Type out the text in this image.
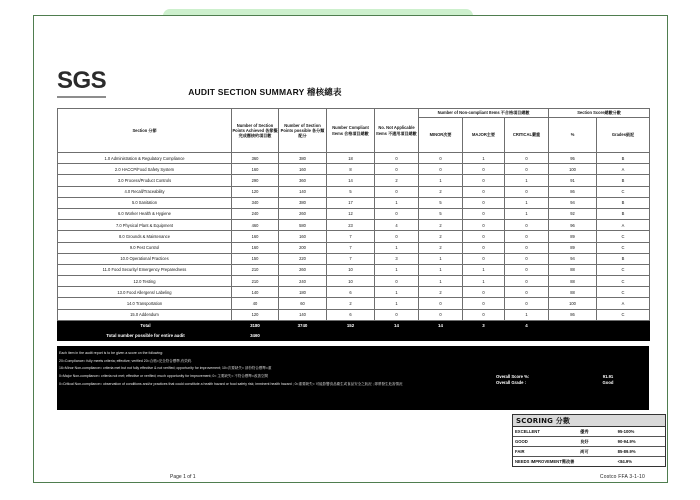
SGS	AUDIT SECTION SUMMARY 稽核總表
Section 分節	Number of Section Points Achieved 各節擬完成應核約項目數	Number of Section Points possible 各分類配分	Number Compliant Items 合格項目總數	No. Not Applicable Items 不適用項目總數	Number of Non-compliant Items 不合格項目總數			Section Score總數分數	
					MINOR次要	MAJOR主要	CRITICAL嚴重	%	Grades級記
1.0 Administration & Regulatory Compliance	360	380	18	0	0	1	0	95	B
2.0 HACCP/Food Safety System	160	160	8	0	0	0	0	100	A
3.0 Process/Product Controls	290	360	14	2	1	0	1	91	B
4.0 Recall/Traceability	120	140	5	0	2	0	0	86	C
5.0 Sanitation	340	380	17	1	5	0	1	94	B
6.0 Worker Health & Hygiene	240	260	12	0	5	0	1	92	B
7.0 Physical Plant & Equipment	460	580	23	4	2	0	0	96	A
8.0 Grounds & Maintenance	160	160	7	0	2	0	0	89	C
9.0 Pest Control	160	200	7	1	2	0	0	89	C
10.0 Operational Practices	150	220	7	3	1	0	0	94	B
11.0 Food Security/ Emergency Preparedness	210	260	10	1	1	1	0	88	C
12.0 Testing	210	240	10	0	1	1	0	88	C
13.0 Food Allergens/ Labeling	140	180	6	1	2	0	0	88	C
14.0 Transportation	40	60	2	1	0	0	0	100	A
15.0 Addendum	120	140	6	0	0	0	1	86	C
Total	3180	3740	152	14	14	3	4		
Total number possible for entire audit	3460								
Each item in the audit report is to be given a score on the following:
20=Compliance= fully meets criteria; effective; verified 20=合格=完全符合標準,有效約.
16=Minor Non-compliance= criteria met but not fully effective & not verified; opportunity for improvement; 10=次要缺失= 部份符合標準=重
0=Major Non-compliance= criteria not met; effective or verified; much opportunity for improvement; 0= 主要缺失= 不符合標準=改善空間
0=Critical Non-compliance= observation of conditions and/or practices that could constitute a health hazard or food safety risk; imminent health hazard ; 0=重要缺失= 可能影響食品衛生或食品安全之狀況 ; 即將發生危害情況
Overall Score %:	91.91
Overall Grade :	Good
SCORING 分數
EXCELLENT	優秀	95-100%
GOOD	良好	90-94.9%
FAIR	尚可	85-89.9%
NEEDS IMPROVEMENT需改善	<84.9%
Page 1 of 1	Costco FFA 3-1-10
